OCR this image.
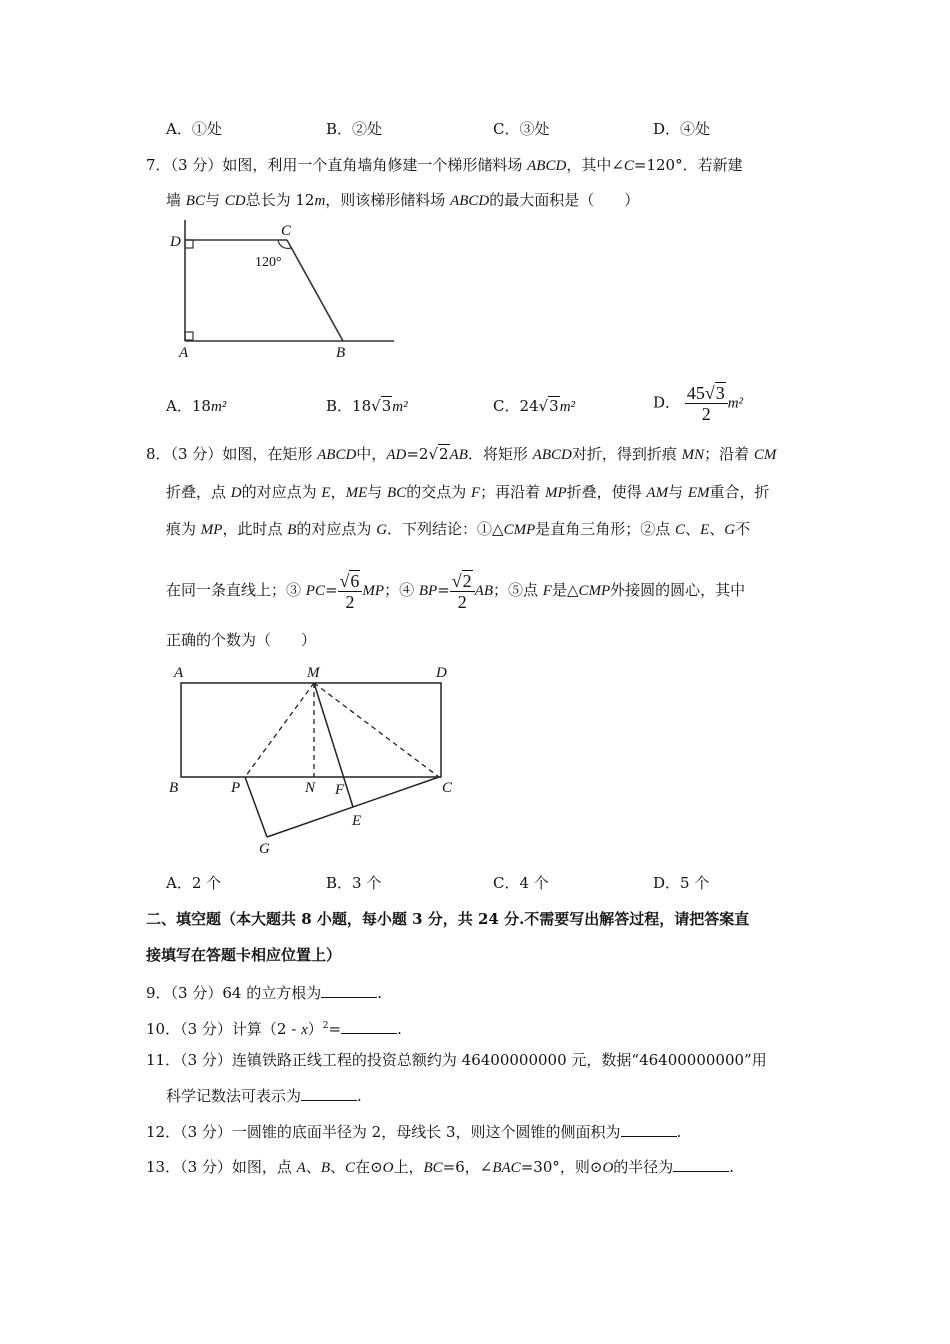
A．①处	B．②处	C．③处	D．④处
7．（3 分）如图，利用一个直角墙角修建一个梯形储料场 ABCD，其中∠C=120°．若新建
墙 BC与 CD总长为 12m，则该梯形储料场 ABCD的最大面积是（　　）
D
C
120°
A	B
A．18m²	B．18√3m²	C．24√3m²	D． $\frac{45√3}{2} m^2$
8．（3 分）如图，在矩形 ABCD中，AD=2√2AB．将矩形 ABCD对折，得到折痕 MN；沿着 CM
折叠，点 D的对应点为 E，ME与 BC的交点为 F；再沿着 MP折叠，使得 AM与 EM重合，折
痕为 MP，此时点 B的对应点为 G．下列结论：①△CMP是直角三角形；②点 C、E、G不
在同一条直线上；③ $PC= \frac{√6}{2}$ MP；④ $BP= \frac{√2}{2}$ AB；⑤点 F是△CMP外接圆的圆心，其中
正确的个数为（　　）
A	M	D
B	P	N F	C
E
G
A．2 个	B．3 个	C．4 个	D．5 个
二、填空题（本大题共 8 小题，每小题 3 分，共 24 分.不需要写出解答过程，请把答案直
接填写在答题卡相应位置上）
9．（3 分）64 的立方根为	.
10．（3 分）计算（2 - x）$^2$=	.
11．（3 分）连镇铁路正线工程的投资总额约为 46400000000 元，数据“46400000000”用
科学记数法可表示为	.
12．（3 分）一圆锥的底面半径为 2，母线长 3，则这个圆锥的侧面积为	.
13．（3 分）如图，点 A、B、C在⊙O上，BC=6，∠BAC=30°，则⊙O的半径为	.
